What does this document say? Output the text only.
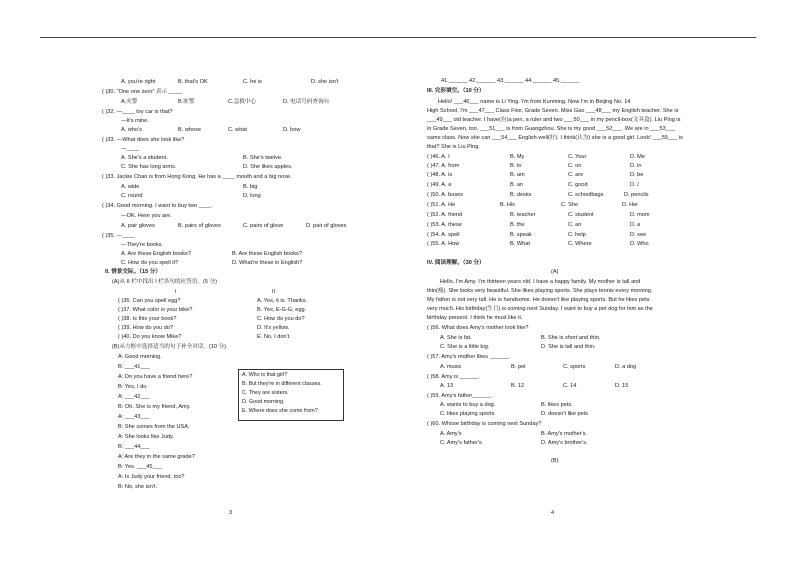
A. you're right	B. that's OK	C. he is	D. she isn't
( )30. "One one zero" 表示 ____。
A.火警	B.匪警	C.急救中心	D. 电话号码查询台
( )32. —____ toy car is that?
—It's mine.
A. who's	B. whose	C. what	D. how
( )33. —What does she look like?
—____
A. She's a student.	B. She's twelve.
C. She has long arms.	D. She likes apples.
( )33. Jackie Chan is from Hong Kong. He has a ____ mouth and a big nose.
A. wide	B. big
C. round	D. long
( )34. Good morning. I want to buy two ____.
—OK. Here you are.
A. pair gloves	B. pairs of gloves	C. pairs of glove	D. pair of gloves
( )35. —____
—They're books.
A. Are these English books?	B. Are these English books?
C. How do you spell it?	D. What're these in English?
II. 情景交际。（15 分）
(A)从 II 栏中找出 I 栏各句的应答语。(5 分)
I	II
( )36. Can you spell egg?	A. Yes, it is. Thanks.
( )37. What color is your bike?	B. Yes, E-G-G, egg.
( )38. Is this your book?	C. How do you do?
( )39. How do you do?	D. It's yellow.
( )40. Do you know Mike?	E. No, I don't.
(B)从方框中选择适当的句子补全对话。(10 分)
A: Good morning.
B: ___41___
A: Do you have a friend here?
B: Yes, I do.
A: ___42___
B: Oh. She is my friend, Amy.
A: ___43___
B: She comes from the USA.
A: She looks like Judy.
B: ___44___
A: Are they in the same grade?
B: Yes. ___45___
A: Is Judy your friend, too?
B: No, she isn't.
A. Who is that girl?
B. But they're in different classes.
C. They are sisters.
D. Good morning.
E. Where does she come from?
3
41.______ 42.______ 43.______ 44.______ 45.______
III. 完形填空。（10 分）
Hello! ___46___ name is Li Ying. I'm from Kunming. Now I'm in Beijing No. 14
High School. I'm ___47___ Class Five, Grade Seven. Miss Gao ___48___ my English teacher. She is
___49___ old teacher. I have(有)a pen, a ruler and two ___50___ in my pencil-box(文具盒). Liu Ping is
in Grade Seven, too. ___51___ is from Guangzhou. She is my good ___52___. We are in ___53___
same class. Now she can ___54___ English well(好). I think(认为) she is a good girl. Look! ___55___ is
that? She is Liu Ping.
( )46. A. I	B. My	C. Your	D. Me
( )47. A. from	B. to	C. on	D. in
( )48. A. is	B. am	C. are	D. be
( )49. A. a	B. an	C. good	D. /
( )50. A. buses	B. desks	C. schoolbags	D. pencils
( )51. A. He	B. His	C. She	D. Her
( )52. A. friend	B. teacher	C. student	D. mom
( )53. A. these	B. the	C. an	D. a
( )54. A. spell	B. speak	C. help	D. see
( )55. A. How	B. What	C. Where	D. Who
IV. 阅读理解。（30 分）
(A)
Hello, I'm Amy. I'm thirteen years old. I have a happy family. My mother is tall and
thin(瘦). She looks very beautiful. She likes playing sports. She plays tennis every morning.
My father is not very tall. He is handsome. He doesn't like playing sports. But he likes pets
very much. His birthday(生日) is coming next Sunday. I want to buy a pet dog for him as the
birthday present. I think he must like it.
( )56. What does Amy's mother look like?
A. She is fat.	B. She is short and thin.
C. She is a little big.	D. She is tall and thin.
( )57. Amy's mother likes ______.
A. music	B. pet	C. sports	D. a dog
( )58. Amy is ______.
A. 13	B. 12	C. 14	D. 15
( )59. Amy's father______.
A. wants to buy a dog.	B. likes pets.
C. likes playing sports	D. doesn't like pets
( )60. Whose birthday is coming next Sunday?
A. Amy's	B. Amy's mother's.
C. Amy's father's.	D. Amy's brother's.
(B)
4
